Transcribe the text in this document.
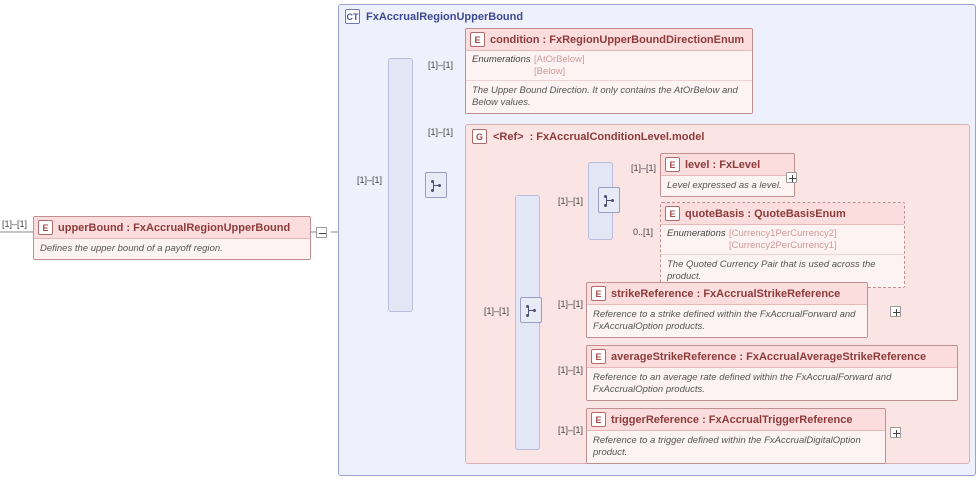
[1]–[1]	E upperBound : FxAccrualRegionUpperBound
Defines the upper bound of a payoff region.
CT FxAccrualRegionUpperBound
[1]–[1]
[1]–[1]
[1]–[1]
E condition : FxRegionUpperBoundDirectionEnum
Enumerations [AtOrBelow]
[Below]
The Upper Bound Direction. It only contains the AtOrBelow and Below values.
G <Ref> : FxAccrualConditionLevel.model
[1]–[1]
[1]–[1]
[1]–[1]	E level : FxLevel
Level expressed as a level.
0..[1]
E quoteBasis : QuoteBasisEnum
Enumerations [Currency1PerCurrency2]
[Currency2PerCurrency1]
The Quoted Currency Pair that is used across the product.
[1]–[1]
E strikeReference : FxAccrualStrikeReference
Reference to a strike defined within the FxAccrualForward and FxAccrualOption products.
[1]–[1]
E averageStrikeReference : FxAccrualAverageStrikeReference
Reference to an average rate defined within the FxAccrualForward and FxAccrualOption products.
[1]–[1]
E triggerReference : FxAccrualTriggerReference
Reference to a trigger defined within the FxAccrualDigitalOption product.
